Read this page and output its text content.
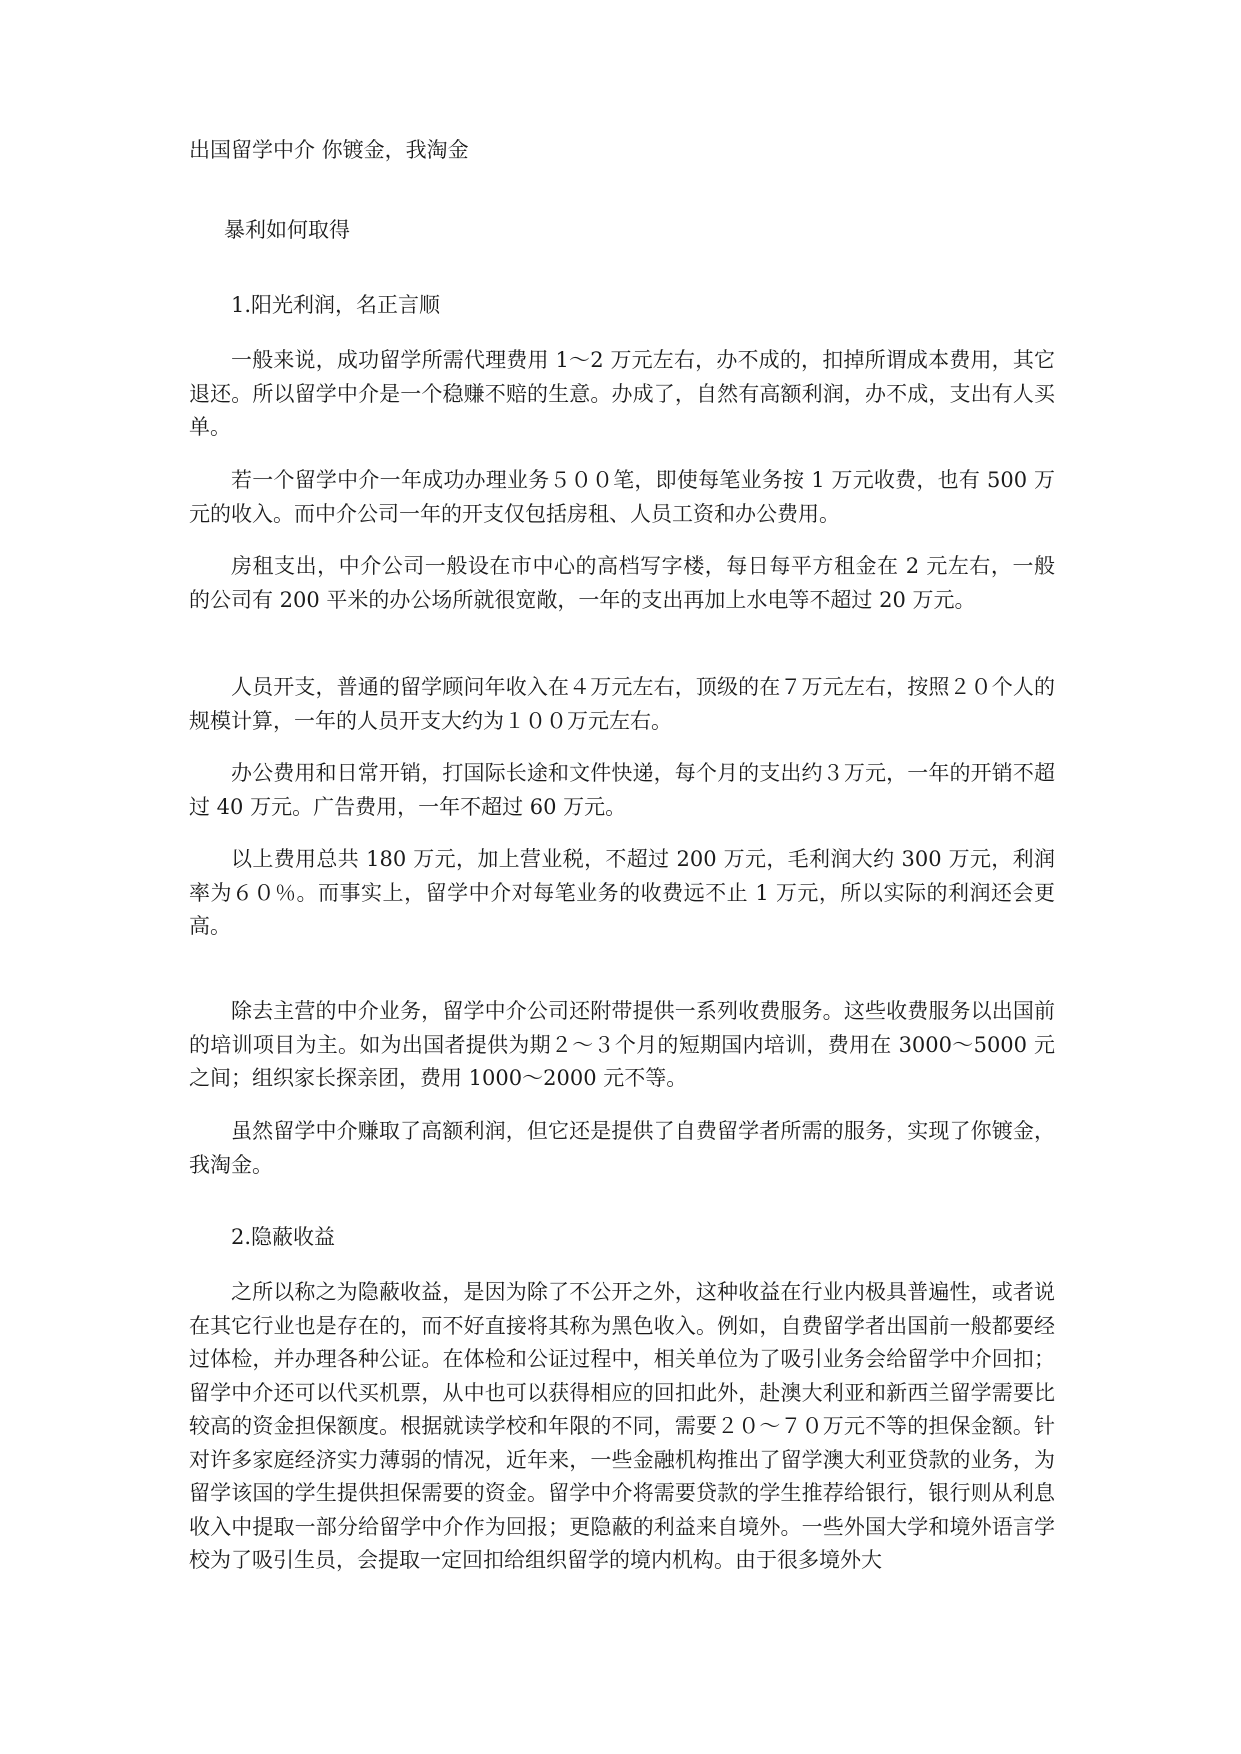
出国留学中介 你镀金，我淘金
暴利如何取得
1.阳光利润，名正言顺
一般来说，成功留学所需代理费用 1～2 万元左右，办不成的，扣掉所谓成本费用，其它退还。所以留学中介是一个稳赚不赔的生意。办成了，自然有高额利润，办不成，支出有人买单。
若一个留学中介一年成功办理业务５００笔，即使每笔业务按 1 万元收费，也有 500 万元的收入。而中介公司一年的开支仅包括房租、人员工资和办公费用。
房租支出，中介公司一般设在市中心的高档写字楼，每日每平方租金在 2 元左右，一般的公司有 200 平米的办公场所就很宽敞，一年的支出再加上水电等不超过 20 万元。
人员开支，普通的留学顾问年收入在４万元左右，顶级的在７万元左右，按照２０个人的规模计算，一年的人员开支大约为１００万元左右。
办公费用和日常开销，打国际长途和文件快递，每个月的支出约３万元，一年的开销不超过 40 万元。广告费用，一年不超过 60 万元。
以上费用总共 180 万元，加上营业税，不超过 200 万元，毛利润大约 300 万元，利润率为６０％。而事实上，留学中介对每笔业务的收费远不止 1 万元，所以实际的利润还会更高。
除去主营的中介业务，留学中介公司还附带提供一系列收费服务。这些收费服务以出国前的培训项目为主。如为出国者提供为期２～３个月的短期国内培训，费用在 3000～5000 元之间；组织家长探亲团，费用 1000～2000 元不等。
虽然留学中介赚取了高额利润，但它还是提供了自费留学者所需的服务，实现了你镀金，我淘金。
2.隐蔽收益
之所以称之为隐蔽收益，是因为除了不公开之外，这种收益在行业内极具普遍性，或者说在其它行业也是存在的，而不好直接将其称为黑色收入。例如，自费留学者出国前一般都要经过体检，并办理各种公证。在体检和公证过程中，相关单位为了吸引业务会给留学中介回扣；留学中介还可以代买机票，从中也可以获得相应的回扣此外，赴澳大利亚和新西兰留学需要比较高的资金担保额度。根据就读学校和年限的不同，需要２０～７０万元不等的担保金额。针对许多家庭经济实力薄弱的情况，近年来，一些金融机构推出了留学澳大利亚贷款的业务，为留学该国的学生提供担保需要的资金。留学中介将需要贷款的学生推荐给银行，银行则从利息收入中提取一部分给留学中介作为回报；更隐蔽的利益来自境外。一些外国大学和境外语言学校为了吸引生员，会提取一定回扣给组织留学的境内机构。由于很多境外大
